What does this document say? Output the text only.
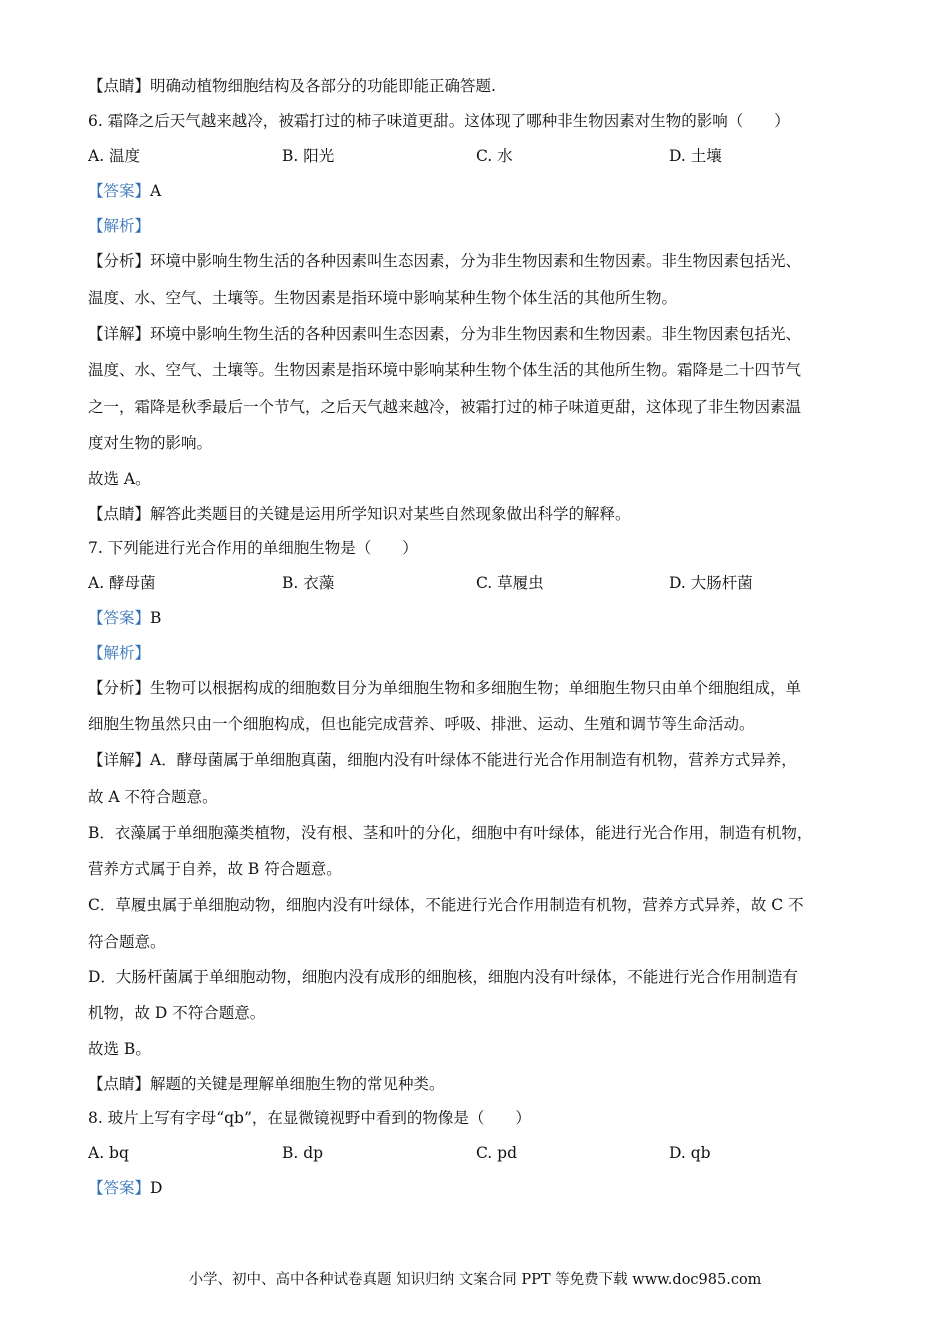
【点睛】明确动植物细胞结构及各部分的功能即能正确答题.
6. 霜降之后天气越来越冷，被霜打过的柿子味道更甜。这体现了哪种非生物因素对生物的影响（　　）
A. 温度	B. 阳光	C. 水	D. 土壤
【答案】A
【解析】
【分析】环境中影响生物生活的各种因素叫生态因素，分为非生物因素和生物因素。非生物因素包括光、
温度、水、空气、土壤等。生物因素是指环境中影响某种生物个体生活的其他所生物。
【详解】环境中影响生物生活的各种因素叫生态因素，分为非生物因素和生物因素。非生物因素包括光、
温度、水、空气、土壤等。生物因素是指环境中影响某种生物个体生活的其他所生物。霜降是二十四节气
之一，霜降是秋季最后一个节气，之后天气越来越冷，被霜打过的柿子味道更甜，这体现了非生物因素温
度对生物的影响。
故选 A。
【点睛】解答此类题目的关键是运用所学知识对某些自然现象做出科学的解释。
7. 下列能进行光合作用的单细胞生物是（　　）
A. 酵母菌	B. 衣藻	C. 草履虫	D. 大肠杆菌
【答案】B
【解析】
【分析】生物可以根据构成的细胞数目分为单细胞生物和多细胞生物；单细胞生物只由单个细胞组成，单
细胞生物虽然只由一个细胞构成，但也能完成营养、呼吸、排泄、运动、生殖和调节等生命活动。
【详解】A．酵母菌属于单细胞真菌，细胞内没有叶绿体不能进行光合作用制造有机物，营养方式异养，
故 A 不符合题意。
B．衣藻属于单细胞藻类植物，没有根、茎和叶的分化，细胞中有叶绿体，能进行光合作用，制造有机物，
营养方式属于自养，故 B 符合题意。
C．草履虫属于单细胞动物，细胞内没有叶绿体，不能进行光合作用制造有机物，营养方式异养，故 C 不
符合题意。
D．大肠杆菌属于单细胞动物，细胞内没有成形的细胞核，细胞内没有叶绿体，不能进行光合作用制造有
机物，故 D 不符合题意。
故选 B。
【点睛】解题的关键是理解单细胞生物的常见种类。
8. 玻片上写有字母“qb”，在显微镜视野中看到的物像是（　　）
A. bq	B. dp	C. pd	D. qb
【答案】D
小学、初中、高中各种试卷真题 知识归纳 文案合同 PPT 等免费下载 www.doc985.com
